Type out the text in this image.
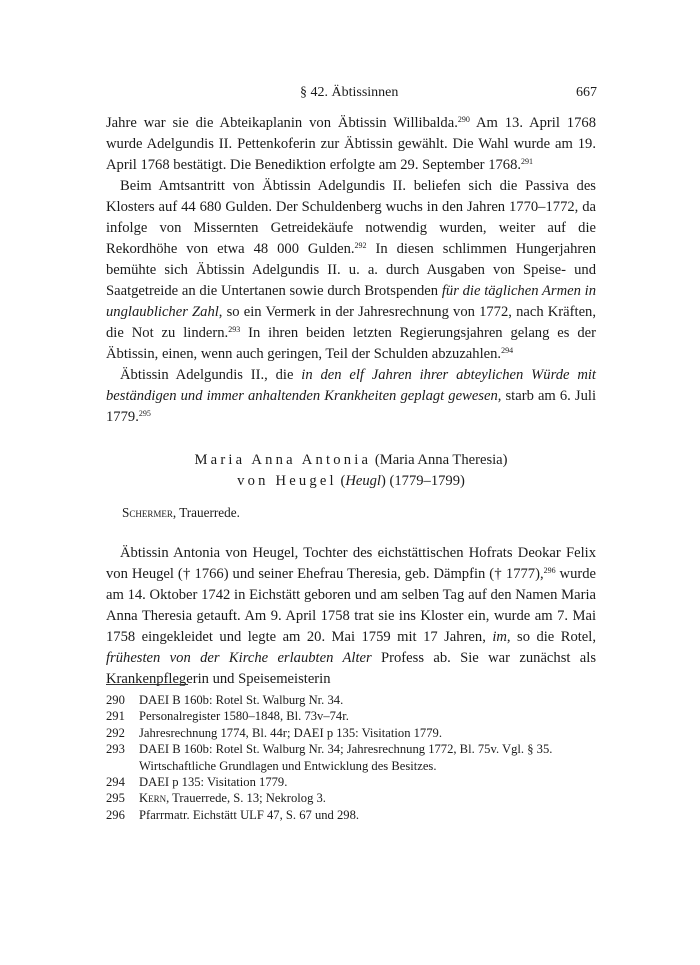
§ 42. Äbtissinnen	667

Jahre war sie die Abteikaplanin von Äbtissin Willibalda.$^{290}$ Am 13. April 1768 wurde Adelgundis II. Pettenkoferin zur Äbtissin gewählt. Die Wahl wurde am 19. April 1768 bestätigt. Die Benediktion erfolgte am 29. September 1768.$^{291}$

Beim Amtsantritt von Äbtissin Adelgundis II. beliefen sich die Passiva des Klosters auf 44 680 Gulden. Der Schuldenberg wuchs in den Jahren 1770–1772, da infolge von Missernten Getreidekäufe notwendig wurden, weiter auf die Rekordhöhe von etwa 48 000 Gulden.$^{292}$ In diesen schlimmen Hungerjahren bemühte sich Äbtissin Adelgundis II. u. a. durch Ausgaben von Speise- und Saatgetreide an die Untertanen sowie durch Brotspenden für die täglichen Armen in unglaublicher Zahl, so ein Vermerk in der Jahresrechnung von 1772, nach Kräften, die Not zu lindern.$^{293}$ In ihren beiden letzten Regierungsjahren gelang es der Äbtissin, einen, wenn auch geringen, Teil der Schulden abzuzahlen.$^{294}$

Äbtissin Adelgundis II., die in den elf Jahren ihrer abteylichen Würde mit beständigen und immer anhaltenden Krankheiten geplagt gewesen, starb am 6. Juli 1779.$^{295}$

Maria Anna Antonia (Maria Anna Theresia)
von Heugel (Heugl) (1779–1799)
Schermer, Trauerrede.

Äbtissin Antonia von Heugel, Tochter des eichstättischen Hofrats Deokar Felix von Heugel († 1766) und seiner Ehefrau Theresia, geb. Dämpfin († 1777),$^{296}$ wurde am 14. Oktober 1742 in Eichstätt geboren und am selben Tag auf den Namen Maria Anna Theresia getauft. Am 9. April 1758 trat sie ins Kloster ein, wurde am 7. Mai 1758 eingekleidet und legte am 20. Mai 1759 mit 17 Jahren, im, so die Rotel, frühesten von der Kirche erlaubten Alter Profess ab. Sie war zunächst als Krankenpflegerin und Speisemeisterin

290	DAEI B 160b: Rotel St. Walburg Nr. 34.
291	Personalregister 1580–1848, Bl. 73v–74r.
292	Jahresrechnung 1774, Bl. 44r; DAEI p 135: Visitation 1779.
293	DAEI B 160b: Rotel St. Walburg Nr. 34; Jahresrechnung 1772, Bl. 75v. Vgl. § 35. Wirtschaftliche Grundlagen und Entwicklung des Besitzes.
294	DAEI p 135: Visitation 1779.
295	Kern, Trauerrede, S. 13; Nekrolog 3.
296	Pfarrmatr. Eichstätt ULF 47, S. 67 und 298.
